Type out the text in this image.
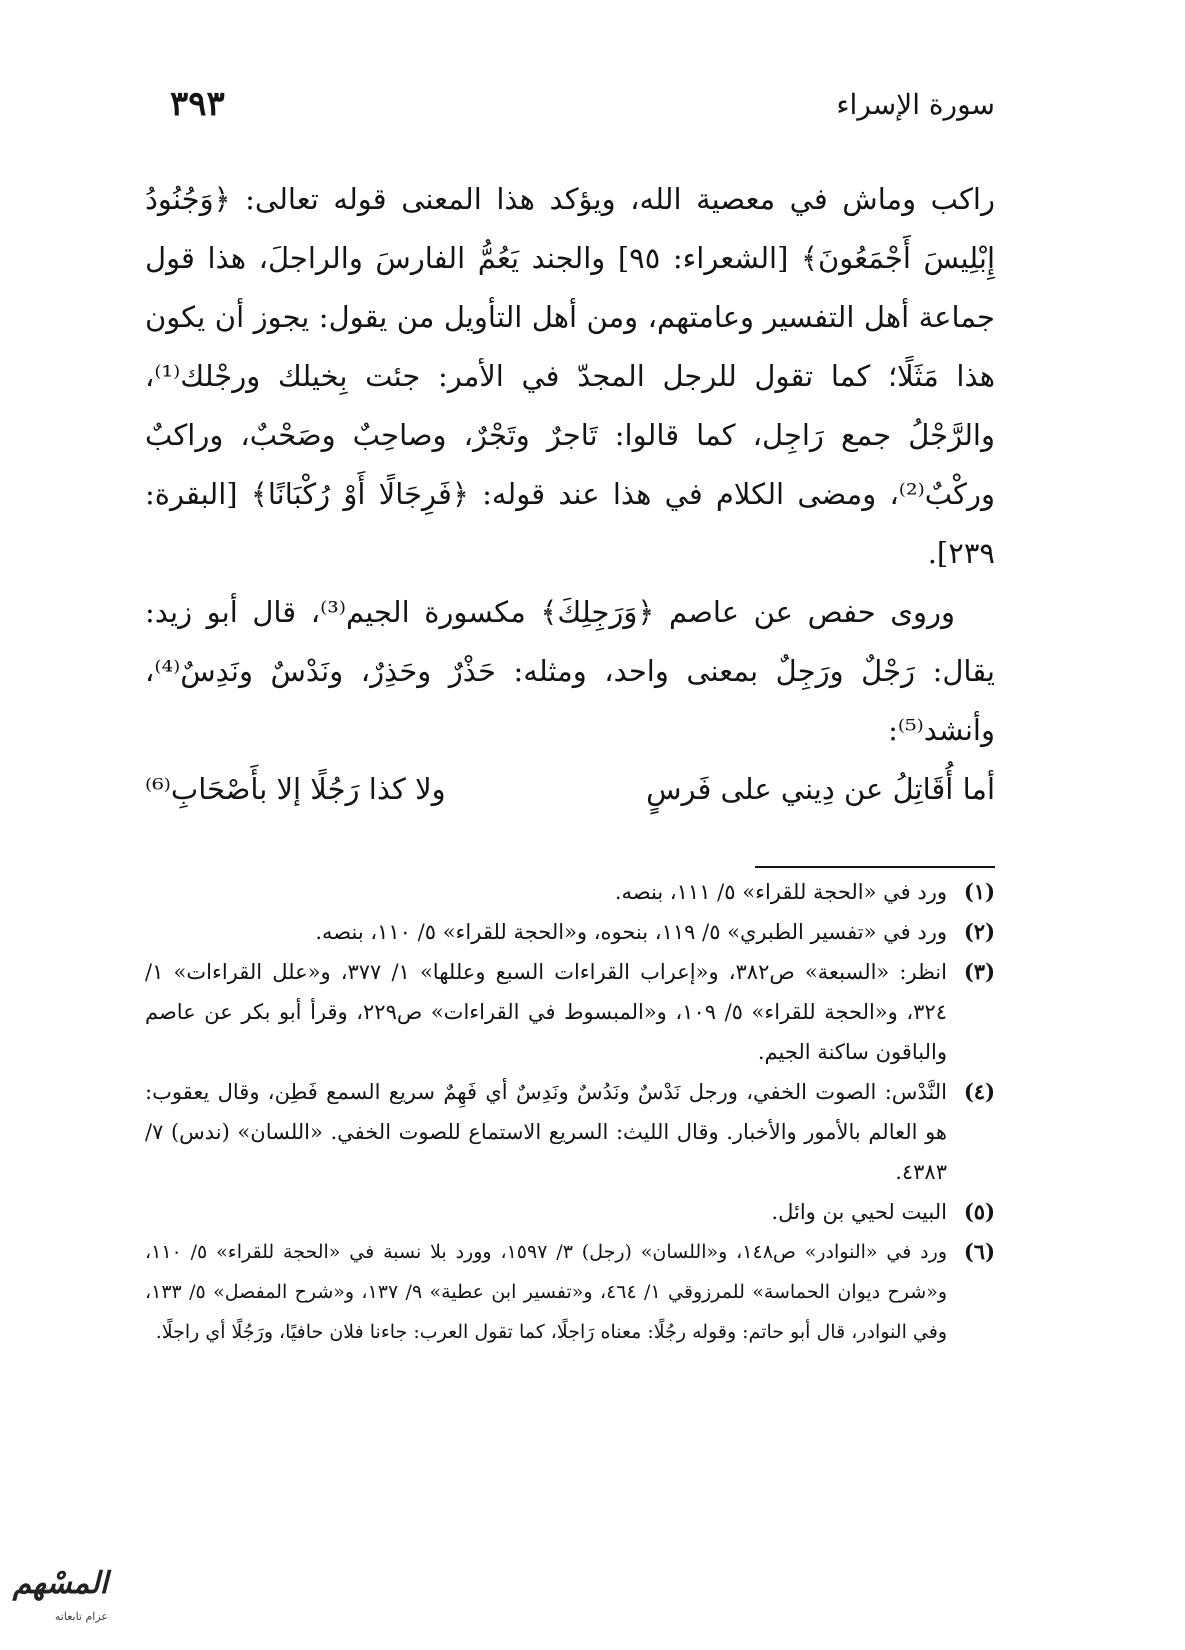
سورة الإسراء
٣٩٣

راكب وماش في معصية الله، ويؤكد هذا المعنى قوله تعالى: ﴿وَجُنُودُ إِبْلِيسَ أَجْمَعُونَ﴾ [الشعراء: ٩٥] والجند يَعُمُّ الفارسَ والراجلَ، هذا قول جماعة أهل التفسير وعامتهم، ومن أهل التأويل من يقول: يجوز أن يكون هذا مَثَلًا؛ كما تقول للرجل المجدّ في الأمر: جئت بِخيلك ورجْلك⁽¹⁾، والرَّجْلُ جمع رَاجِل، كما قالوا: تَاجرٌ وتَجْرٌ، وصاحِبٌ وصَحْبٌ، وراكبٌ وركْبٌ⁽²⁾، ومضى الكلام في هذا عند قوله: ﴿فَرِجَالًا أَوْ رُكْبَانًا﴾ [البقرة: ٢٣٩].

وروى حفص عن عاصم ﴿وَرَجِلِكَ﴾ مكسورة الجيم⁽³⁾، قال أبو زيد: يقال: رَجْلٌ ورَجِلٌ بمعنى واحد، ومثله: حَذْرٌ وحَذِرٌ، ونَدْسٌ ونَدِسٌ⁽⁴⁾، وأنشد⁽⁵⁾:

أما أُقَاتِلُ عن دِيني على فَرسٍ
ولا كذا رَجُلًا إلا بأَصْحَابِ⁽⁶⁾
(١)
ورد في «الحجة للقراء» ٥/ ١١١، بنصه.
(٢)
ورد في «تفسير الطبري» ٥/ ١١٩، بنحوه، و«الحجة للقراء» ٥/ ١١٠، بنصه.
(٣)
انظر: «السبعة» ص٣٨٢، و«إعراب القراءات السبع وعللها» ١/ ٣٧٧، و«علل القراءات» ١/ ٣٢٤، و«الحجة للقراء» ٥/ ١٠٩، و«المبسوط في القراءات» ص٢٢٩، وقرأ أبو بكر عن عاصم والباقون ساكنة الجيم.
(٤)
النَّدْس: الصوت الخفي، ورجل نَدْسٌ ونَدُسٌ ونَدِسٌ أي فَهِمٌ سريع السمع فَطِن، وقال يعقوب: هو العالم بالأمور والأخبار. وقال الليث: السريع الاستماع للصوت الخفي. «اللسان» (ندس) ٧/ ٤٣٨٣.
(٥)
البيت لحيي بن وائل.
(٦)
ورد في «النوادر» ص١٤٨، و«اللسان» (رجل) ٣/ ١٥٩٧، وورد بلا نسبة في «الحجة للقراء» ٥/ ١١٠، و«شرح ديوان الحماسة» للمرزوقي ١/ ٤٦٤، و«تفسير ابن عطية» ٩/ ١٣٧، و«شرح المفصل» ٥/ ١٣٣، وفي النوادر، قال أبو حاتم: وقوله رجُلًا: معناه رَاجلًا، كما تقول العرب: جاءنا فلان حافيًا، ورَجُلًا أي راجلًا.
المسْهم
عزام تابعاته
